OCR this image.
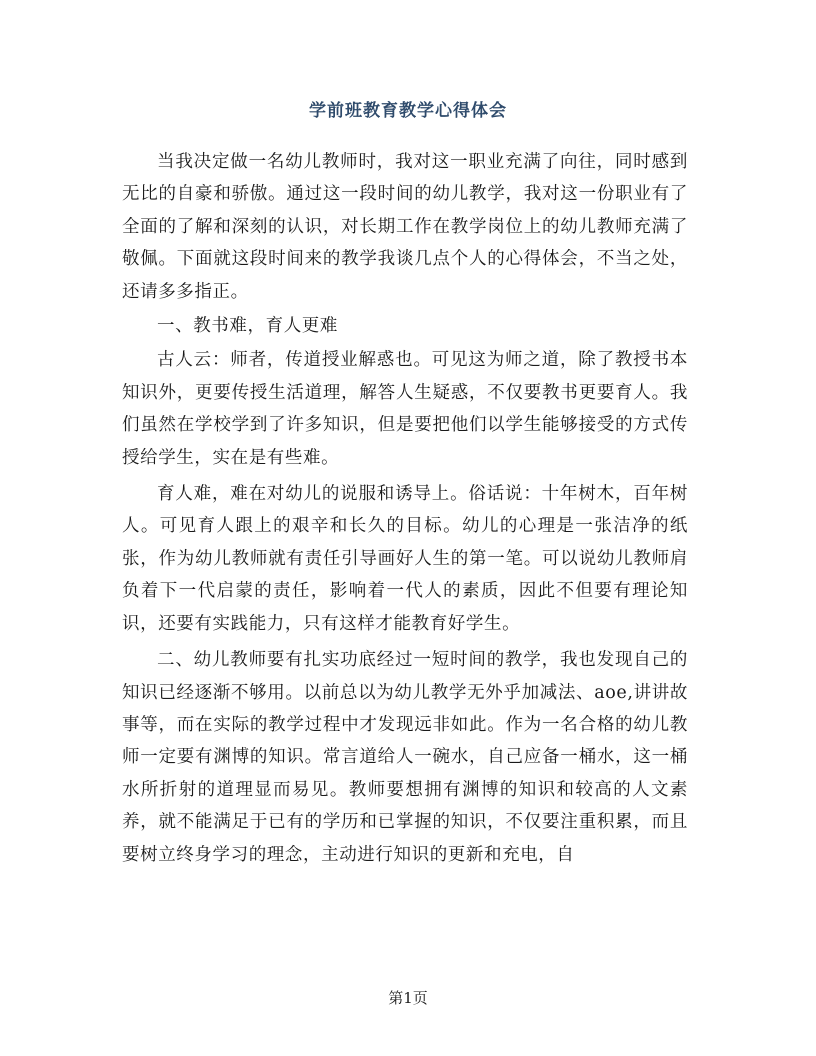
学前班教育教学心得体会

当我决定做一名幼儿教师时，我对这一职业充满了向往，同时感到无比的自豪和骄傲。通过这一段时间的幼儿教学，我对这一份职业有了全面的了解和深刻的认识，对长期工作在教学岗位上的幼儿教师充满了敬佩。下面就这段时间来的教学我谈几点个人的心得体会，不当之处，还请多多指正。

一、教书难，育人更难

古人云：师者，传道授业解惑也。可见这为师之道，除了教授书本知识外，更要传授生活道理，解答人生疑惑，不仅要教书更要育人。我们虽然在学校学到了许多知识，但是要把他们以学生能够接受的方式传授给学生，实在是有些难。

育人难，难在对幼儿的说服和诱导上。俗话说：十年树木，百年树人。可见育人跟上的艰辛和长久的目标。幼儿的心理是一张洁净的纸张，作为幼儿教师就有责任引导画好人生的第一笔。可以说幼儿教师肩负着下一代启蒙的责任，影响着一代人的素质，因此不但要有理论知识，还要有实践能力，只有这样才能教育好学生。

二、幼儿教师要有扎实功底经过一短时间的教学，我也发现自己的知识已经逐渐不够用。以前总以为幼儿教学无外乎加减法、aoe,讲讲故事等，而在实际的教学过程中才发现远非如此。作为一名合格的幼儿教师一定要有渊博的知识。常言道给人一碗水，自己应备一桶水，这一桶水所折射的道理显而易见。教师要想拥有渊博的知识和较高的人文素养，就不能满足于已有的学历和已掌握的知识，不仅要注重积累，而且要树立终身学习的理念，主动进行知识的更新和充电，自

第1页
